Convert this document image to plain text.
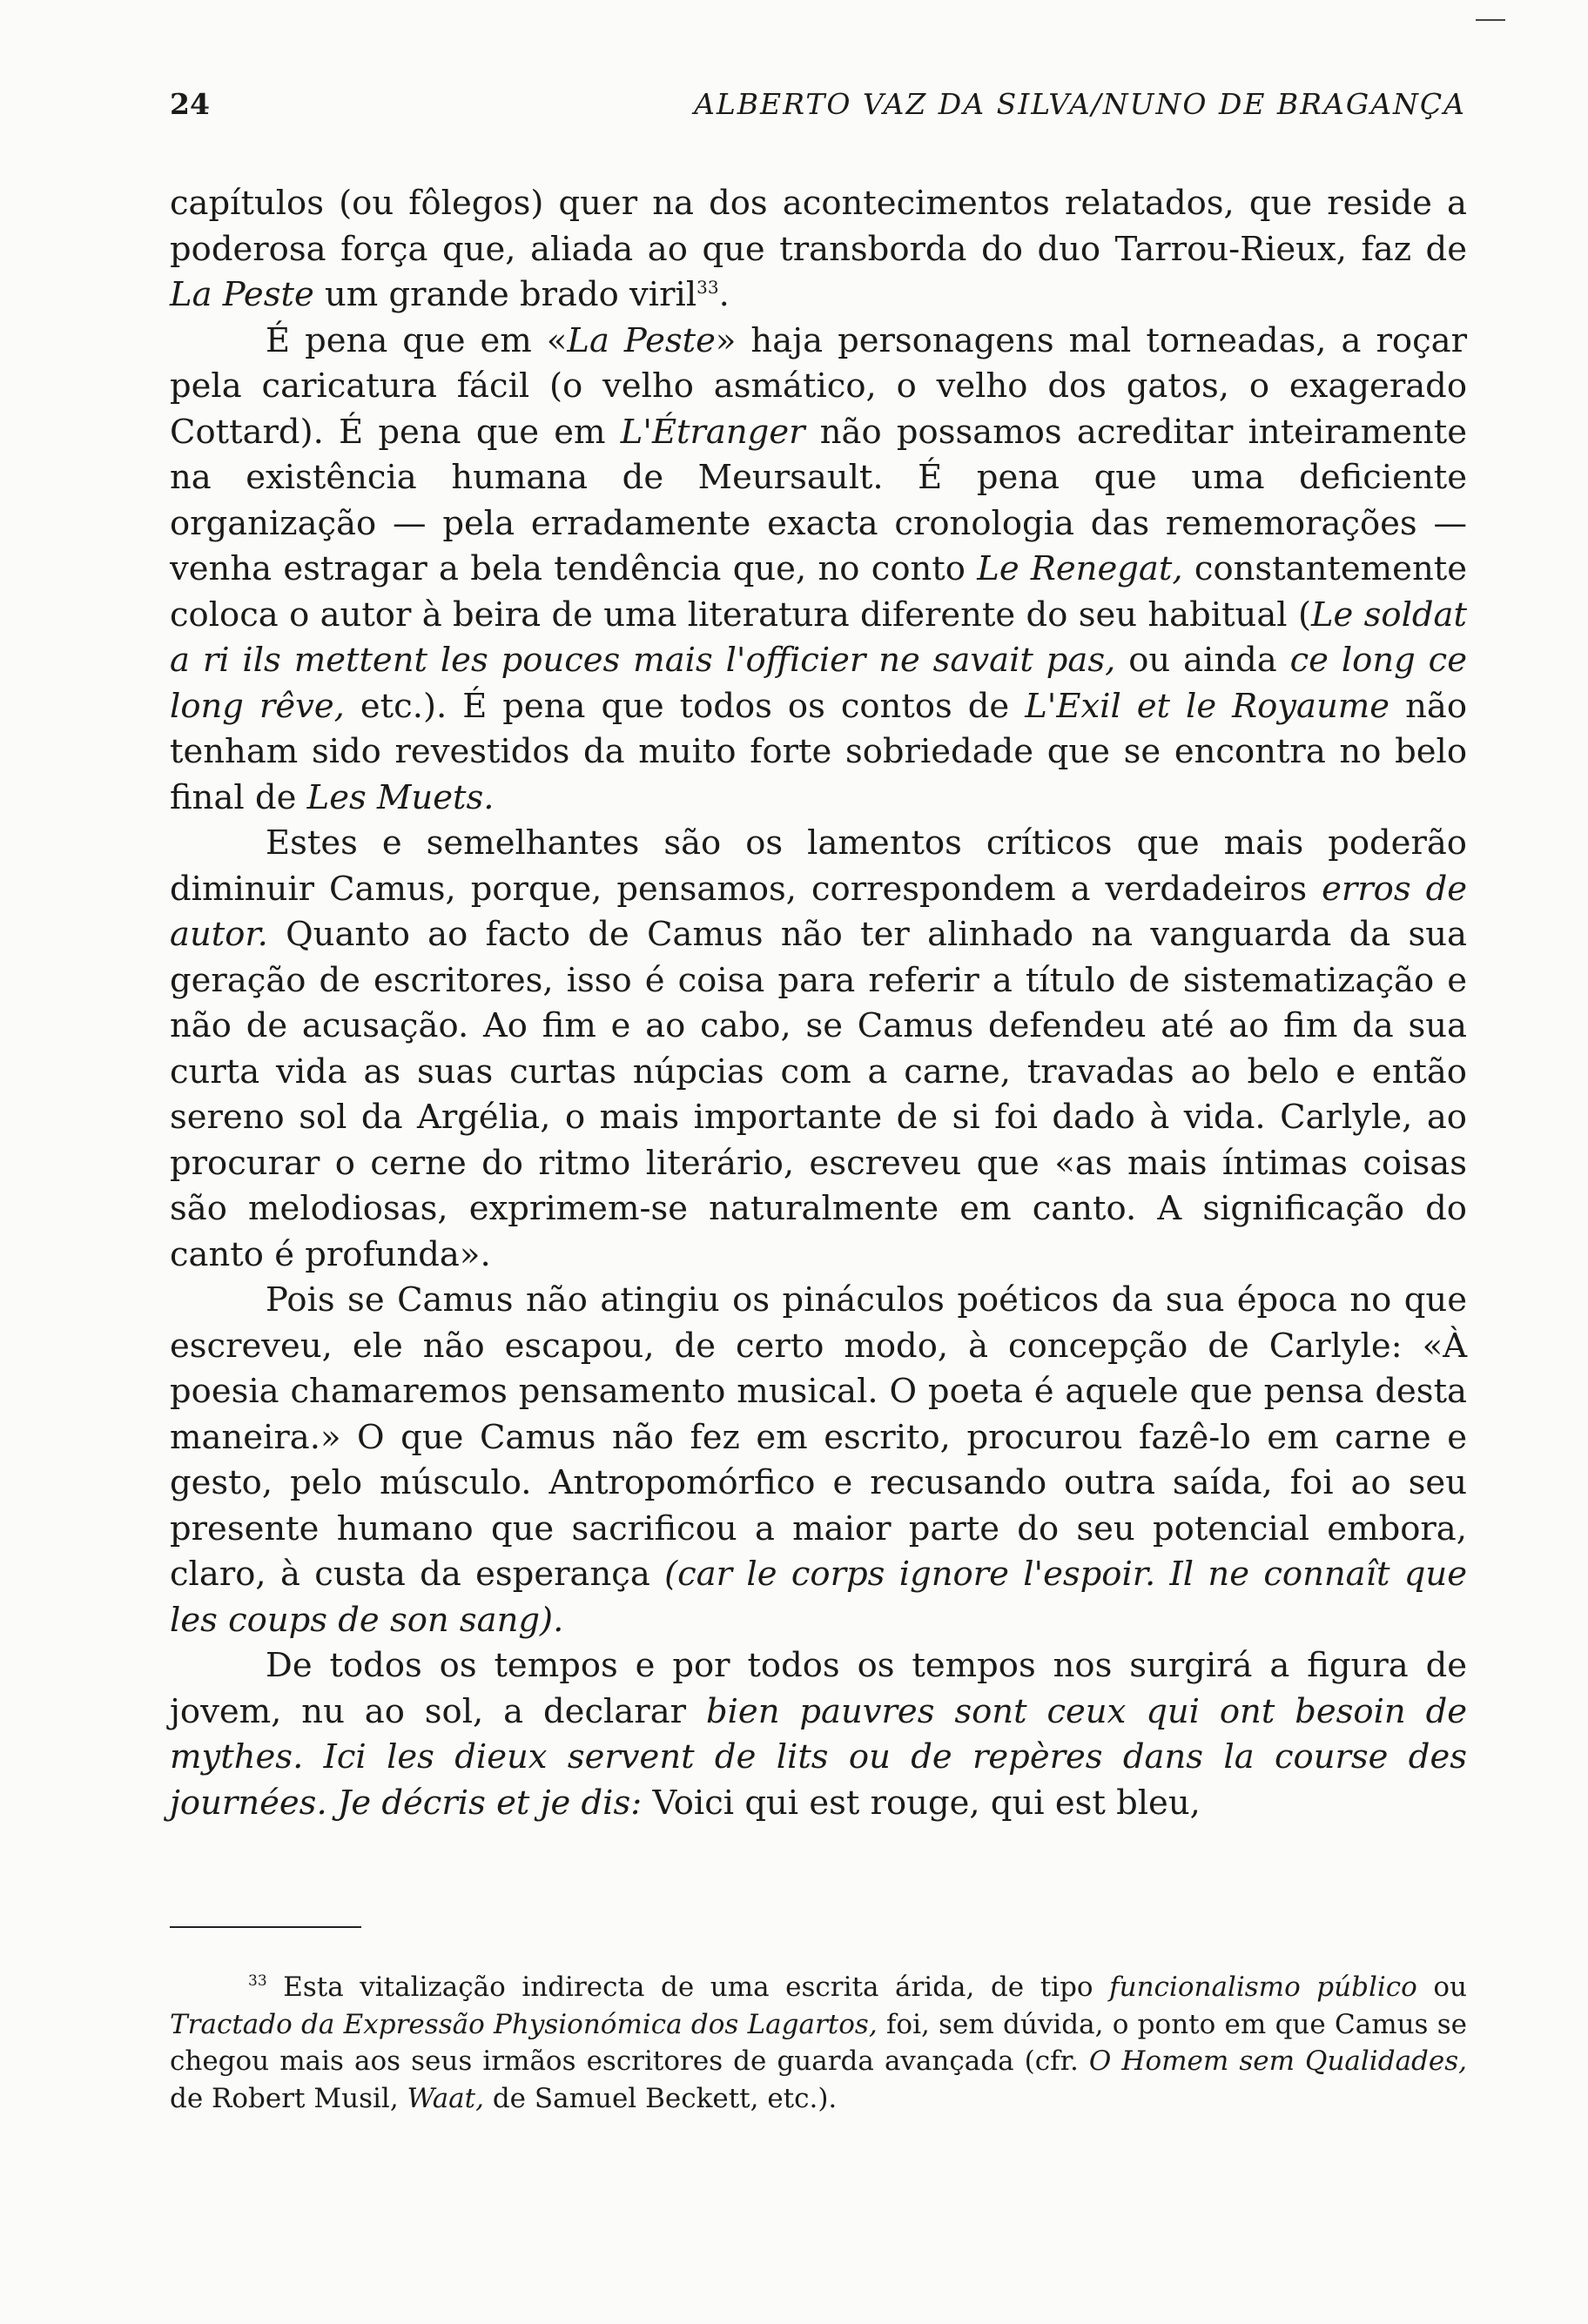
24	ALBERTO VAZ DA SILVA/NUNO DE BRAGANÇA

capítulos (ou fôlegos) quer na dos acontecimentos relatados, que reside a poderosa força que, aliada ao que transborda do duo Tarrou-Rieux, faz de La Peste um grande brado viril$^{33}$.

É pena que em «La Peste» haja personagens mal torneadas, a roçar pela caricatura fácil (o velho asmático, o velho dos gatos, o exagerado Cottard). É pena que em L'Étranger não possamos acreditar inteiramente na existência humana de Meursault. É pena que uma deficiente organização — pela erradamente exacta cronologia das rememorações — venha estragar a bela tendência que, no conto Le Renegat, constantemente coloca o autor à beira de uma literatura diferente do seu habitual (Le soldat a ri ils mettent les pouces mais l'officier ne savait pas, ou ainda ce long ce long rêve, etc.). É pena que todos os contos de L'Exil et le Royaume não tenham sido revestidos da muito forte sobriedade que se encontra no belo final de Les Muets.

Estes e semelhantes são os lamentos críticos que mais poderão diminuir Camus, porque, pensamos, correspondem a verdadeiros erros de autor. Quanto ao facto de Camus não ter alinhado na vanguarda da sua geração de escritores, isso é coisa para referir a título de sistematização e não de acusação. Ao fim e ao cabo, se Camus defendeu até ao fim da sua curta vida as suas curtas núpcias com a carne, travadas ao belo e então sereno sol da Argélia, o mais importante de si foi dado à vida. Carlyle, ao procurar o cerne do ritmo literário, escreveu que «as mais íntimas coisas são melodiosas, exprimem-se naturalmente em canto. A significação do canto é profunda».

Pois se Camus não atingiu os pináculos poéticos da sua época no que escreveu, ele não escapou, de certo modo, à concepção de Carlyle: «À poesia chamaremos pensamento musical. O poeta é aquele que pensa desta maneira.» O que Camus não fez em escrito, procurou fazê-lo em carne e gesto, pelo músculo. Antropomórfico e recusando outra saída, foi ao seu presente humano que sacrificou a maior parte do seu potencial embora, claro, à custa da esperança (car le corps ignore l'espoir. Il ne connaît que les coups de son sang).

De todos os tempos e por todos os tempos nos surgirá a figura de jovem, nu ao sol, a declarar bien pauvres sont ceux qui ont besoin de mythes. Ici les dieux servent de lits ou de repères dans la course des journées. Je décris et je dis: Voici qui est rouge, qui est bleu,

$^{33}$ Esta vitalização indirecta de uma escrita árida, de tipo funcionalismo público ou Tractado da Expressão Physionómica dos Lagartos, foi, sem dúvida, o ponto em que Camus se chegou mais aos seus irmãos escritores de guarda avançada (cfr. O Homem sem Qualidades, de Robert Musil, Waat, de Samuel Beckett, etc.).
